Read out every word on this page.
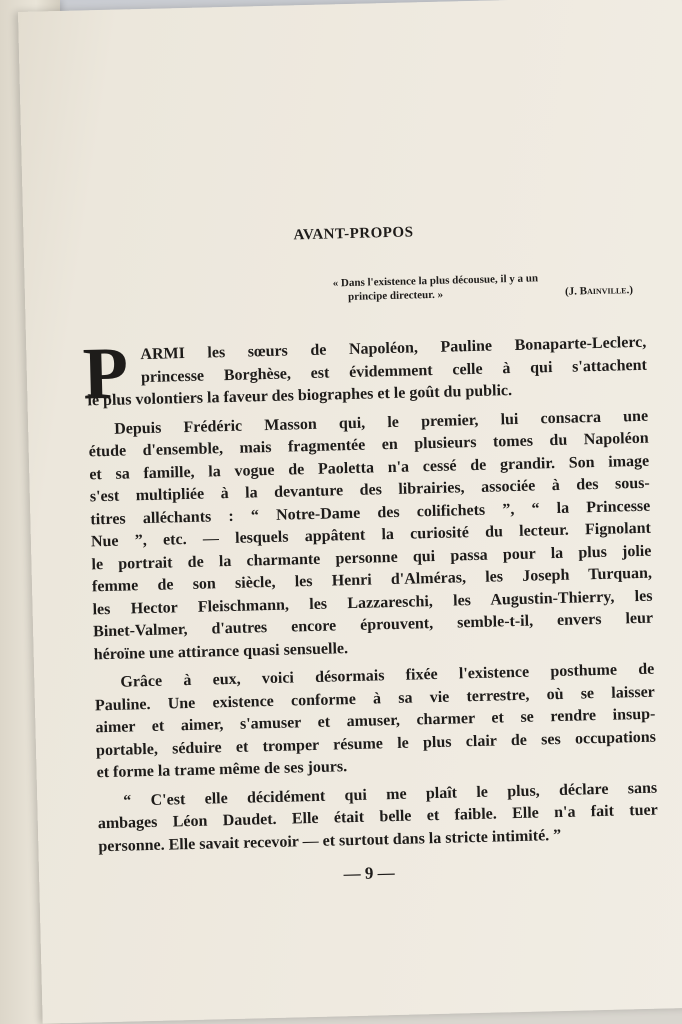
AVANT-PROPOS
« Dans l'existence la plus décousue, il y a un
principe directeur. »	(J. Bainville.)
P ARMI les sœurs de Napoléon, Pauline Bonaparte-Leclerc,
princesse Borghèse, est évidemment celle à qui s'attachent
le plus volontiers la faveur des biographes et le goût du public.
Depuis Frédéric Masson qui, le premier, lui consacra une
étude d'ensemble, mais fragmentée en plusieurs tomes du Napoléon
et sa famille, la vogue de Paoletta n'a cessé de grandir. Son image
s'est multipliée à la devanture des librairies, associée à des sous-
titres alléchants : “ Notre-Dame des colifichets ”, “ la Princesse
Nue ”, etc. — lesquels appâtent la curiosité du lecteur. Fignolant
le portrait de la charmante personne qui passa pour la plus jolie
femme de son siècle, les Henri d'Alméras, les Joseph Turquan,
les Hector Fleischmann, les Lazzareschi, les Augustin-Thierry, les
Binet-Valmer, d'autres encore éprouvent, semble-t-il, envers leur
héroïne une attirance quasi sensuelle.
Grâce à eux, voici désormais fixée l'existence posthume de
Pauline. Une existence conforme à sa vie terrestre, où se laisser
aimer et aimer, s'amuser et amuser, charmer et se rendre insup-
portable, séduire et tromper résume le plus clair de ses occupations
et forme la trame même de ses jours.
“ C'est elle décidément qui me plaît le plus, déclare sans
ambages Léon Daudet. Elle était belle et faible. Elle n'a fait tuer
personne. Elle savait recevoir — et surtout dans la stricte intimité. ”
— 9 —
